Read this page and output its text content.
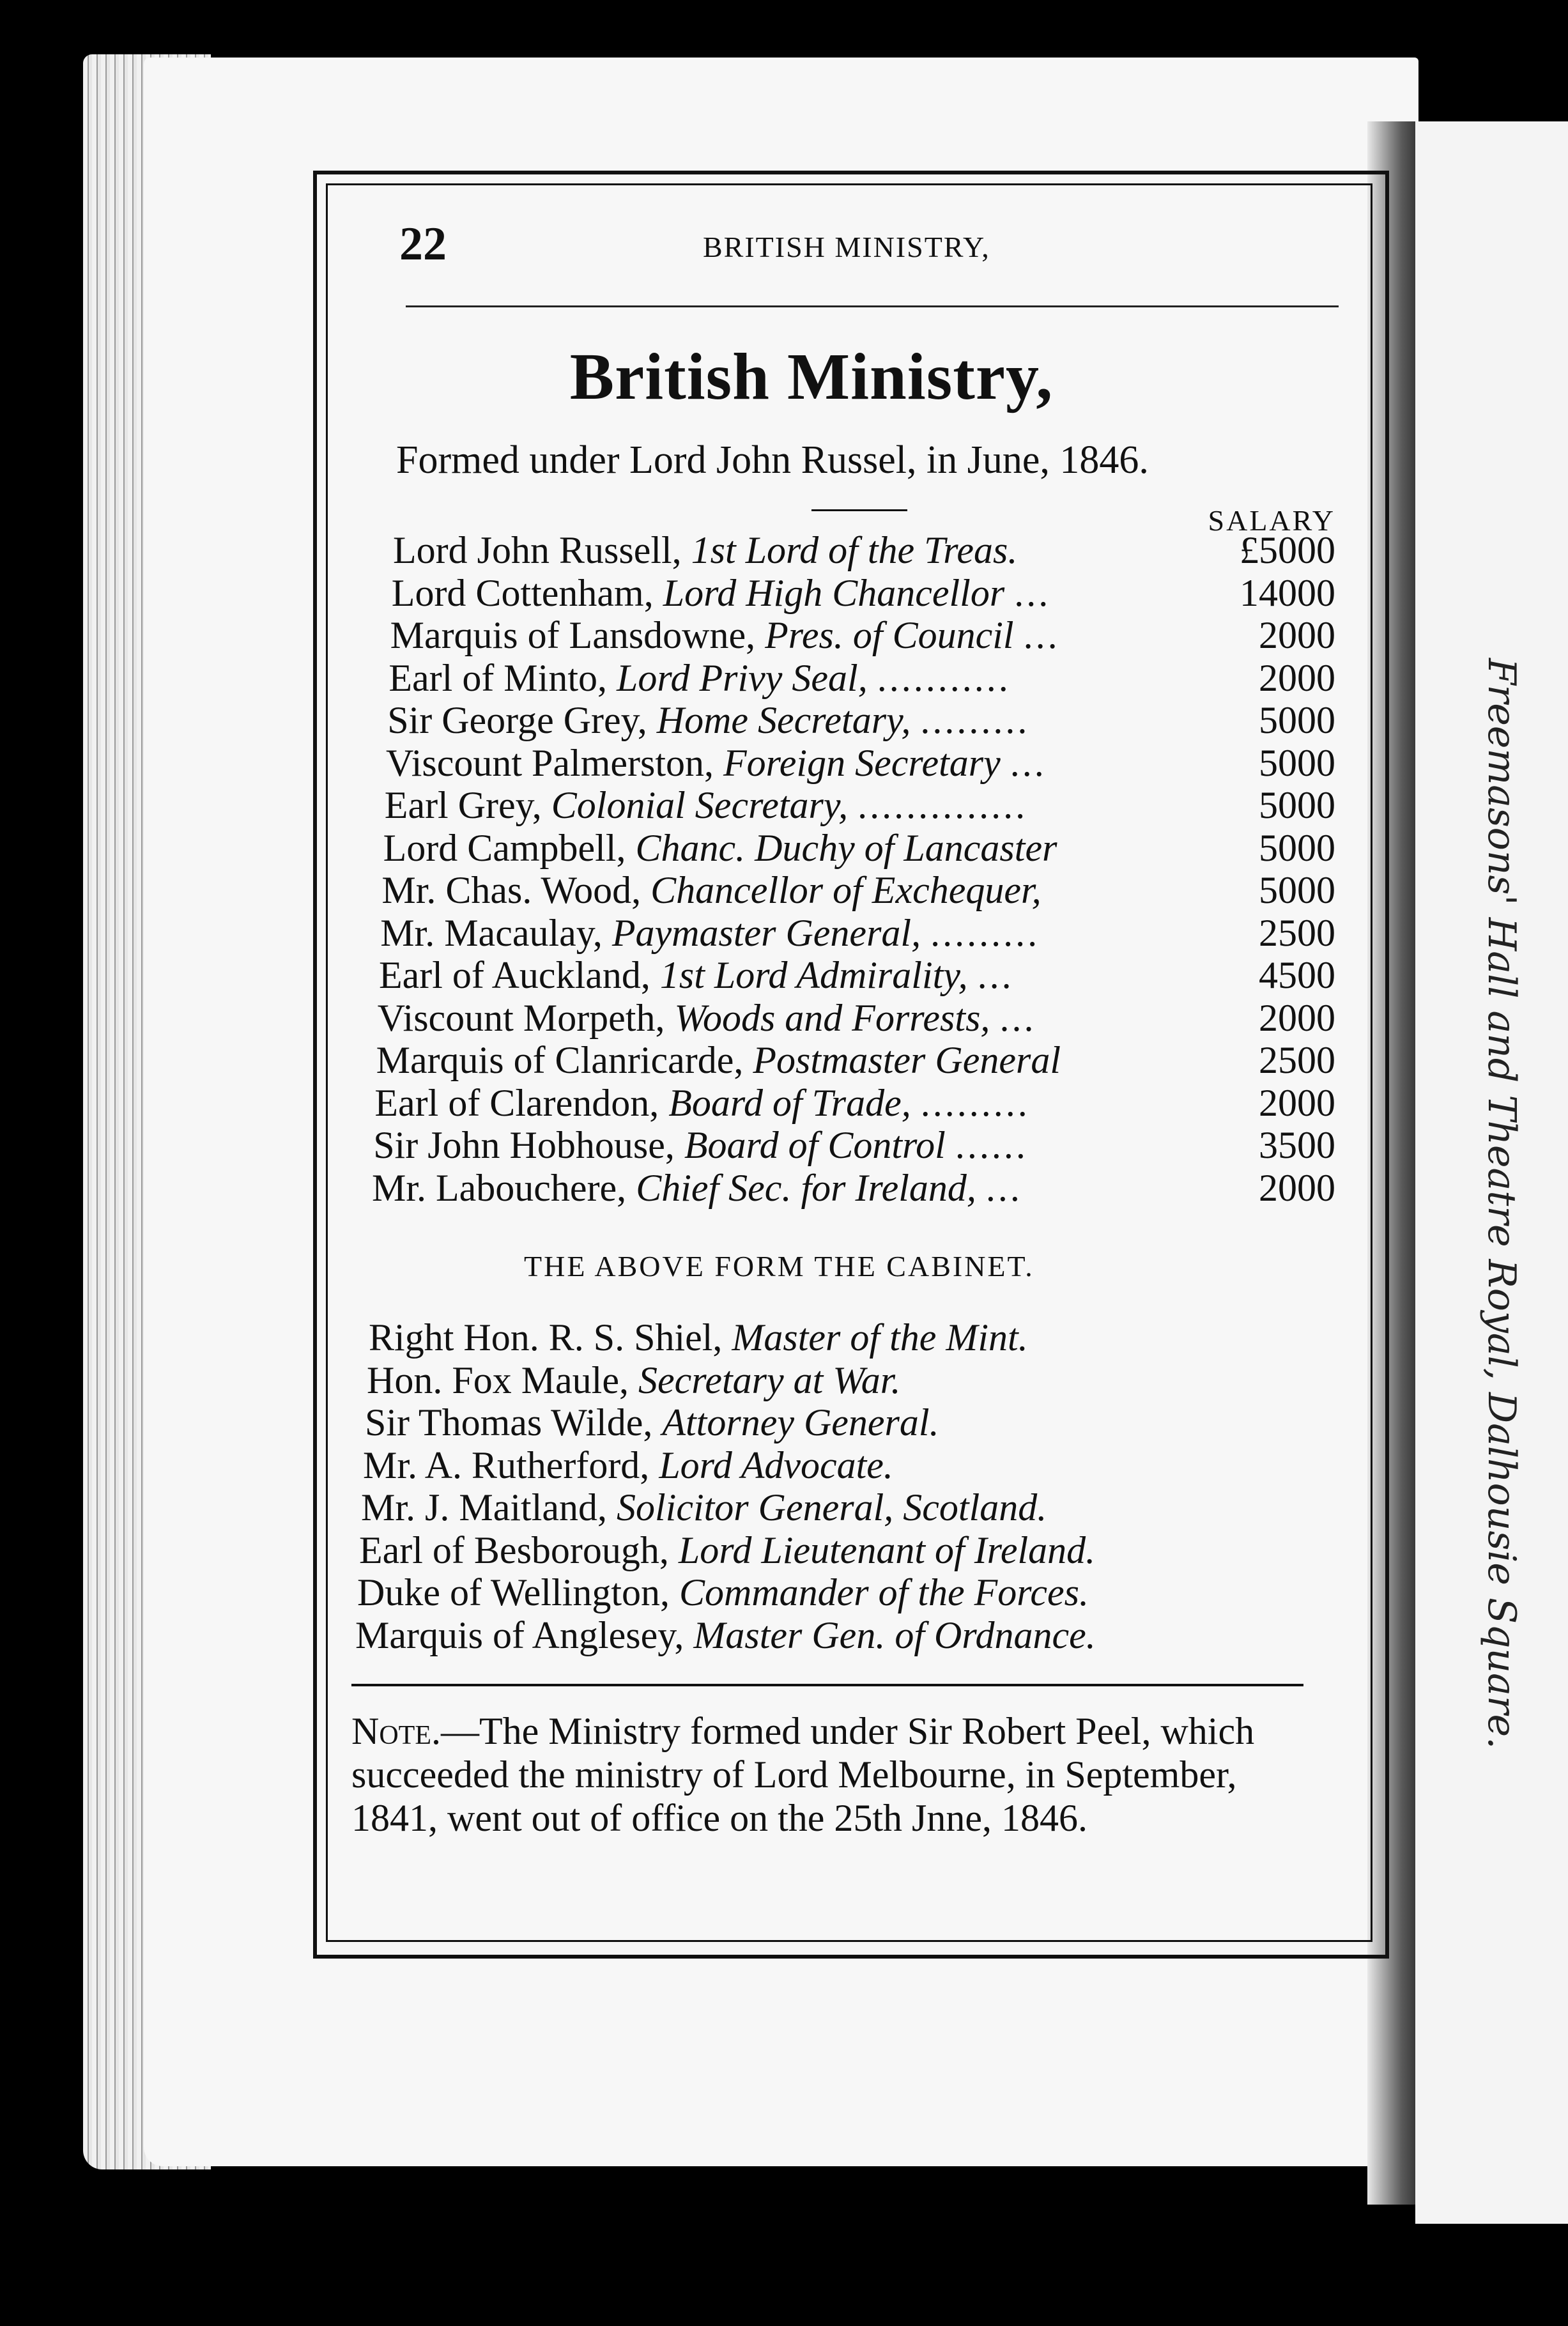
Freemasons' Hall and Theatre Royal, Dalhousie Square.
22	BRITISH MINISTRY,
British Ministry,
Formed under Lord John Russel, in June, 1846.
SALARY
Lord John Russell, 1st Lord of the Treas.	£5000
Lord Cottenham, Lord High Chancellor ...	14000
Marquis of Lansdowne, Pres. of Council ...	2000
Earl of Minto, Lord Privy Seal, ...........	2000
Sir George Grey, Home Secretary, .........	5000
Viscount Palmerston, Foreign Secretary ...	5000
Earl Grey, Colonial Secretary, ..............	5000
Lord Campbell, Chanc. Duchy of Lancaster	5000
Mr. Chas. Wood, Chancellor of Exchequer,	5000
Mr. Macaulay, Paymaster General, .........	2500
Earl of Auckland, 1st Lord Admirality, ...	4500
Viscount Morpeth, Woods and Forrests, ...	2000
Marquis of Clanricarde, Postmaster General	2500
Earl of Clarendon, Board of Trade, .........	2000
Sir John Hobhouse, Board of Control ......	3500
Mr. Labouchere, Chief Sec. for Ireland, ...	2000
THE ABOVE FORM THE CABINET.
Right Hon. R. S. Shiel, Master of the Mint.
Hon. Fox Maule, Secretary at War.
Sir Thomas Wilde, Attorney General.
Mr. A. Rutherford, Lord Advocate.
Mr. J. Maitland, Solicitor General, Scotland.
Earl of Besborough, Lord Lieutenant of Ireland.
Duke of Wellington, Commander of the Forces.
Marquis of Anglesey, Master Gen. of Ordnance.
Note.—The Ministry formed under Sir Robert Peel, which succeeded the ministry of Lord Melbourne, in September, 1841, went out of office on the 25th Jnne, 1846.
